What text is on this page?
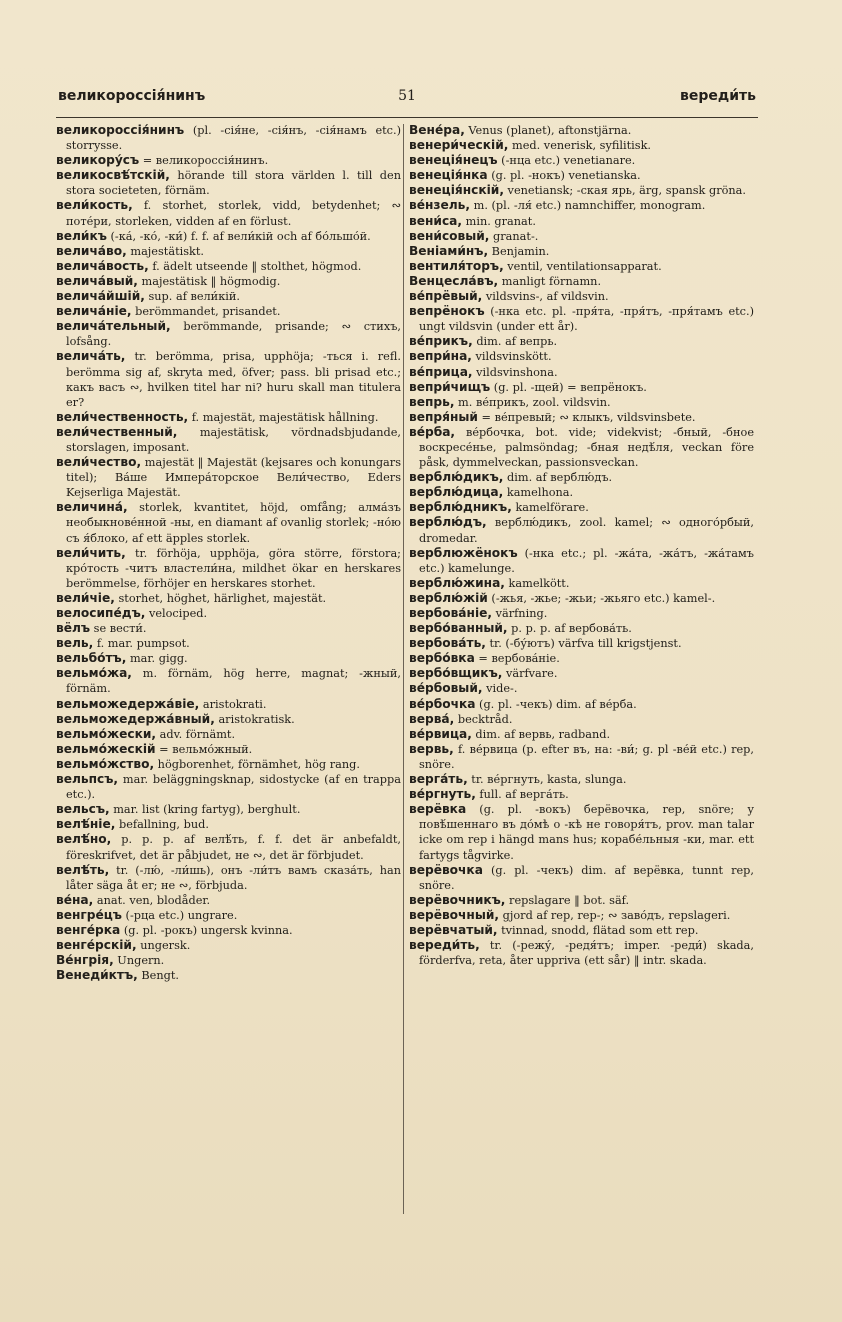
великороссія́нинъ	51	вереди́ть

великороссія́нинъ (pl. -сія́не, -сія́нъ, -сія́намъ etc.) storrysse.

великору́съ = великороссія́нинъ.

великосвѣ́тскій, hörande till stora världen l. till den stora societeten, förnäm.

вели́кость, f. storhet, storlek, vidd, betydenhet; ∾ поте́ри, storleken, vidden af en förlust.

вели́къ (-ка́, -ко́, -ки́) f. f. af вели́кій och af бо́льшо́й.

велича́во, majestätiskt.

велича́вость, f. ädelt utseende ‖ stolthet, högmod.

велича́вый, majestätisk ‖ högmodig.

велича́йшій, sup. af вели́кій.

велича́ніе, berömmandet, prisandet.

велича́тельный, berömmande, prisande; ∾ стихъ, lofsång.

велича́ть, tr. berömma, prisa, upphöja; -ться i. refl. berömma sig af, skryta med, öfver; pass. bli prisad etc.; какъ васъ ∾, hvilken titel har ni? huru skall man titulera er?

вели́чественность, f. majestät, majestätisk hållning.

вели́чественный, majestätisk, vördnadsbjudande, storslagen, imposant.

вели́чество, majestät ‖ Majestät (kejsares och konungars titel); Ва́ше Импера́торское Вели́чество, Eders Kejserliga Majestät.

величина́, storlek, kvantitet, höjd, omfång; алма́зъ необыкнове́нной -ны, en diamant af ovanlig storlek; -но́ю съ я́блоко, af ett äpples storlek.

вели́чить, tr. förhöja, upphöja, göra större, förstora; кро́тость -читъ властели́на, mildhet ökar en herskares berömmelse, förhöjer en herskares storhet.

вели́чіе, storhet, höghet, härlighet, majestät.

велосипе́дъ, velociped.

вёлъ se вести́.

вель, f. mar. pumpsot.

вельбо́тъ, mar. gigg.

вельмо́жа, m. förnäm, hög herre, magnat; -жный, förnäm.

вельможедержа́віе, aristokrati.

вельможедержа́вный, aristokratisk.

вельмо́жески, adv. förnämt.

вельмо́жескій = вельмо́жный.

вельмо́жство, högborenhet, förnämhet, hög rang.

вельпсъ, mar. beläggningsknap, sidostycke (af en trappa etc.).

вельсъ, mar. list (kring fartyg), berghult.

велѣ́ніе, befallning, bud.

велѣ́но, p. p. p. af велѣ́ть, f. f. det är anbefaldt, föreskrifvet, det är påbjudet, не ∾, det är förbjudet.

велѣ́ть, tr. (-лю́, -ли́шь), онъ -ли́тъ вамъ сказа́ть, han låter säga åt er; не ∾, förbjuda.

ве́на, anat. ven, blodåder.

венгре́цъ (-рца etc.) ungrare.

венге́рка (g. pl. -рокъ) ungersk kvinna.

венге́рскій, ungersk.

Ве́нгрія, Ungern.

Венеди́ктъ, Bengt.

Вене́ра, Venus (planet), aftonstjärna.

венери́ческій, med. venerisk, syfilitisk.

венеція́нецъ (-нца etc.) venetianare.

венеція́нка (g. pl. -нокъ) venetianska.

венеція́нскій, venetiansk; -ская ярь, ärg, spansk gröna.

ве́нзель, m. (pl. -ля́ etc.) namnchiffer, monogram.

вени́са, min. granat.

вени́совый, granat-.

Веніами́нъ, Benjamin.

вентиля́торъ, ventil, ventilationsapparat.

Венцесла́въ, manligt förnamn.

ве́прёвый, vildsvins-, af vildsvin.

вепрёнокъ (-нка etc. pl. -пря́та, -пря́тъ, -пря́тамъ etc.) ungt vildsvin (under ett år).

ве́прикъ, dim. af вепрь.

вепри́на, vildsvinskött.

ве́прица, vildsvinshona.

вепри́чищъ (g. pl. -щей) = вепрёнокъ.

вепрь, m. ве́прикъ, zool. vildsvin.

вепря́ный = ве́превый; ∾ клыкъ, vildsvinsbete.

ве́рба, ве́рбочка, bot. vide; videkvist; -бный, -бное воскресе́нье, palmsöndag; -бная недѣ́ля, veckan före påsk, dymmelveckan, passionsveckan.

верблю́дикъ, dim. af верблю́дъ.

верблю́дица, kamelhona.

верблю́дникъ, kamelförare.

верблю́дъ, верблю́дикъ, zool. kamel; ∾ одного́рбый, dromedar.

верблюжёнокъ (-нка etc.; pl. -жа́та, -жа́тъ, -жа́тамъ etc.) kamelunge.

верблю́жина, kamelkött.

верблю́жій (-жья, -жье; -жьи; -жьяго etc.) kamel-.

вербова́ніе, värfning.

вербо́ванный, p. p. p. af вербова́ть.

вербова́ть, tr. (-бу́ютъ) värfva till krigstjenst.

вербо́вка = вербова́ніе.

вербо́вщикъ, värfvare.

ве́рбовый, vide-.

ве́рбочка (g. pl. -чекъ) dim. af ве́рба.

верва́, becktråd.

ве́рвица, dim. af вервь, radband.

вервь, f. ве́рвица (p. efter въ, на: -ви́; g. pl -ве́й etc.) rep, snöre.

верга́ть, tr. ве́ргнуть, kasta, slunga.

ве́ргнуть, full. af верга́ть.

верёвка (g. pl. -вокъ) берёвочка, rep, snöre; у повѣ́шеннаго въ до́мѣ о -кѣ не говоря́тъ, prov. man talar icke om rep i hängd mans hus; корабе́льныя -ки, mar. ett fartygs tågvirke.

верёвочка (g. pl. -чекъ) dim. af верёвка, tunnt rep, snöre.

верёвочникъ, repslagare ‖ bot. säf.

верёвочный, gjord af rep, rep-; ∾ заво́дъ, repslageri.

верёвчатый, tvinnad, snodd, flätad som ett rep.

вереди́ть, tr. (-режу́, -редя́тъ; imper. -реди́) skada, förderfva, reta, åter uppriva (ett sår) ‖ intr. skada.
